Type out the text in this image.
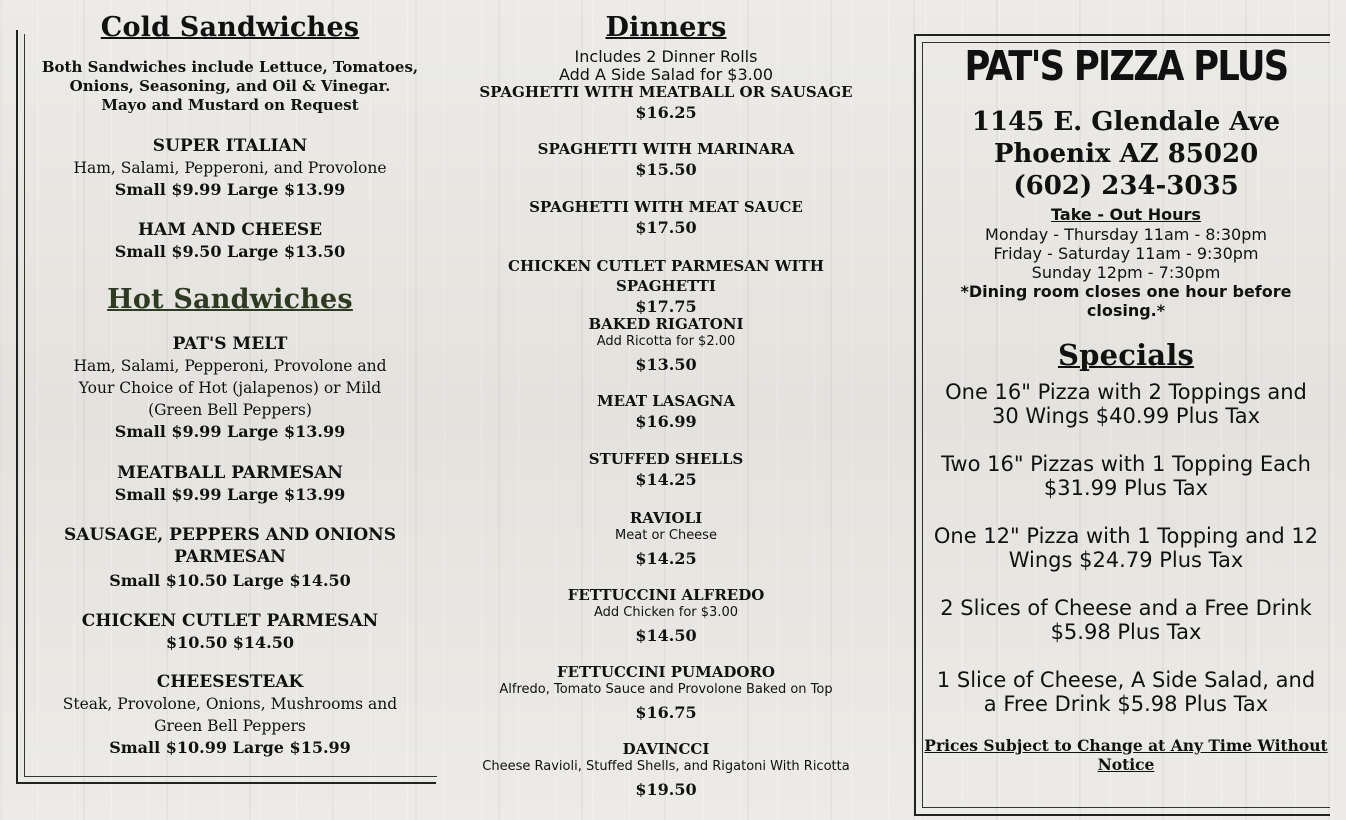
Cold Sandwiches
Both Sandwiches include Lettuce, Tomatoes,
Onions, Seasoning, and Oil & Vinegar.
Mayo and Mustard on Request
SUPER ITALIAN
Ham, Salami, Pepperoni, and Provolone
Small $9.99 Large $13.99
HAM AND CHEESE
Small $9.50 Large $13.50
Hot Sandwiches
PAT'S MELT
Ham, Salami, Pepperoni, Provolone and
Your Choice of Hot (jalapenos) or Mild
(Green Bell Peppers)
Small $9.99 Large $13.99
MEATBALL PARMESAN
Small $9.99 Large $13.99
SAUSAGE, PEPPERS AND ONIONS
PARMESAN
Small $10.50 Large $14.50
CHICKEN CUTLET PARMESAN
$10.50 $14.50
CHEESESTEAK
Steak, Provolone, Onions, Mushrooms and
Green Bell Peppers
Small $10.99 Large $15.99
Dinners
Includes 2 Dinner Rolls
Add A Side Salad for $3.00
SPAGHETTI WITH MEATBALL OR SAUSAGE
$16.25
SPAGHETTI WITH MARINARA
$15.50
SPAGHETTI WITH MEAT SAUCE
$17.50
CHICKEN CUTLET PARMESAN WITH SPAGHETTI
$17.75
BAKED RIGATONI
Add Ricotta for $2.00
$13.50
MEAT LASAGNA
$16.99
STUFFED SHELLS
$14.25
RAVIOLI
Meat or Cheese
$14.25
FETTUCCINI ALFREDO
Add Chicken for $3.00
$14.50
FETTUCCINI PUMADORO
Alfredo, Tomato Sauce and Provolone Baked on Top
$16.75
DAVINCCI
Cheese Ravioli, Stuffed Shells, and Rigatoni With Ricotta
$19.50
PAT'S PIZZA PLUS
1145 E. Glendale Ave
Phoenix AZ 85020
(602) 234-3035
Take - Out Hours
Monday - Thursday 11am - 8:30pm
Friday - Saturday 11am - 9:30pm
Sunday 12pm - 7:30pm
*Dining room closes one hour before
closing.*
Specials
One 16" Pizza with 2 Toppings and
30 Wings $40.99 Plus Tax
Two 16" Pizzas with 1 Topping Each
$31.99 Plus Tax
One 12" Pizza with 1 Topping and 12
Wings $24.79 Plus Tax
2 Slices of Cheese and a Free Drink
$5.98 Plus Tax
1 Slice of Cheese, A Side Salad, and
a Free Drink $5.98 Plus Tax
Prices Subject to Change at Any Time Without
Notice
